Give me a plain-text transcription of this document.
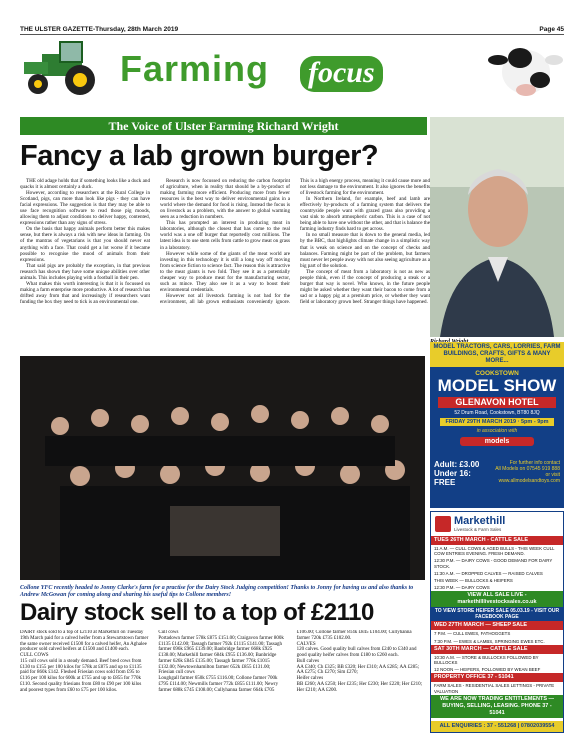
THE ULSTER GAZETTE-Thursday, 28th March 2019	Page 45
Farming focus
The Voice of Ulster Farming Richard Wright
Fancy a lab grown burger?

THE old adage holds that if something looks like a duck and quacks it is almost certainly a duck.

However, according to researchers at the Rural College in Scotland, pigs, can more than look like pigs - they can have facial expressions. The suggestion is that they may be able to use face recognition software to read those pig moods, allowing them to adjust conditions to deliver happy, contented, expressions rather than any signs of stress.

On the basis that happy animals perform better this makes sense, but there is always a risk with new ideas in farming. On of the mantras of vegetarians is that you should never eat anything with a face. That could get a lot worse if it became possible to recognise the mood of animals from their expressions.

That said pigs are probably the exception, in that previous research has shown they have some unique abilities over other animals. This includes playing with a football in their pen.

What makes this worth interesting is that it is focussed on making a farm enterprise more productive. A lot of research has drifted away from that and increasingly if researchers want funding the box they need to tick is an environmental one.

Research is now focussed on reducing the carbon footprint of agriculture, when in reality that should be a by-product of making farming more efficient. Producing more from fewer resources is the best way to deliver environmental gains in a world where the demand for food is rising. Instead the focus is on livestock as a problem, with the answer to global warming seen as a reduction in numbers.

This has prompted an interest in producing meat in laboratories, although the closest that has come to the real world was a one off burger that reportedly cost millions. The latest idea is to use stem cells from cattle to grow meat on grass in a laboratory.

However while some of the giants of the meat world are investing in this technology it is still a long way off moving from science fiction to science fact. The reason this is attractive to the meat giants is two fold. They see it as a potentially cheaper way to produce meat for the manufacturing sector, such as mince. They also see it as a way to boost their environmental credentials.

However not all livestock farming is not bad for the environment, all lab grown enthusiasts conveniently ignore. This is a high energy process, meaning it could cause more and not less damage to the environment. It also ignores the benefits of livestock farming for the environment.

In Northern Ireland, for example, beef and lamb are effectively by-products of a farming system that delivers the countryside people want with grazed grass also providing a vast sink to absorb atmospheric carbon. This is a case of not being able to have one without the other, and that is balance the farming industry finds hard to get across.

In no small measure that is down to the general media, led by the BBC, that highlights climate change in a simplistic way that is weak on science and on the concept of checks and balances. Farming might be part of the problem, but farmers must never let people away with not also seeing agriculture as a big part of the solution.

The concept of meat from a laboratory is not as new as people think, even if the concept of producing a steak or a burger that way is novel. Who knows, in the future people might be asked whether they want their bacon to come from a sad or a happy pig at a premium price, or whether they want field or laboratory grown beef. Stranger things have happened.

Collone YFC recently headed to Jonny Clarke's farm for a practise for the Dairy Stock Judging competition! Thanks to Jonny for having us and also thanks to Andrew McGowan for coming along and sharing his useful tips to Collone members!
Dairy stock sell to a top of £2110

DAIRY stock sold to a top of £2110 at Markethill on Tuesday 19th March paid for a calved heifer from a Stewartstown farmer the same owner received £1500 for a calved heifer, An Aghalee producer sold calved heifers at £1500 and £1400 each.

CULL COWS

115 cull cows sold in a steady demand. Beef bred cows from £130 to £155 per 100 kilos for 578k at £875 and up to £1135 paid for 860k £142. Fleshed Friesian cows sold from £95 to £116 per 100 kilos for 600k at £755 and up to £855 for 770k £110. Second quality friesians from £80 to £90 per 100 kilos and poorest types from £60 to £75 per 100 kilos.

Cull cows

Portadown farmer 578k £875 £151.00; Craigavon farmer 800k £1135 £142.00; Tassagh farmer 792k £1115 £141.00; Tassagh farmer 696k £965 £139.00; Banbridge farmer 668k £925 £138.00; Markethill farmer 684k £955 £136.00; Banbridge farmer 626k £845 £135.00; Tassagh farmer 776k £1015 £132.00; Newtownhamilton farmer 652k £855 £131.00;

Friesian cull cows

Loughgall farmer 650k £755 £116.00; Collone farmer 700k £795 £114.00; Newmills farmer 772k £855 £111.00; Newry farmer 688k £745 £108.00; Cullyhanna farmer 664k £705 £106.00; Collone farmer 814k £845 £104.00; Cullyhanna farmer 720k £735 £102.00.

CALVES

120 calves. Good quality bull calves from £240 to £340 and good quality heifer calves from £180 to £260 each.

Bull calves

AA £340; Ch £325; BB £320; Her £310; AA £285; AA £285; AA £275; Ch £270; Sim £270;

Heifer calves

BB £260; AA £250; Her £235; Her £230; Her £220; Her £210; Her £210; AA £200.

MODEL TRACTORS, CARS, LORRIES, FARM BUILDINGS, CRAFTS, GIFTS & MANY MORE...
COOKSTOWN
MODEL SHOW
GLENAVON HOTEL
52 Drum Road, Cookstown, BT80 8JQ
FRIDAY 29TH MARCH 2019 · 5pm - 9pm
in association with
models
Adult: £3.00
Under 16: FREE
For further info contact
All Models on 07545 919 888
or visit www.allmodelsandtoys.com
Markethill
Livestock & Farm Sales
TUES 26TH MARCH - CATTLE SALE
11 A.M. — CULL COWS & AGED BULLS - THIS WEEK CULL COW ENTRIES EVENING. FRESH DEMAND.
12:30 P.M. — DAIRY COWS - GOOD DEMAND FOR DAIRY STOCK.
11:30 A.M. — DROPPED CALVES — RAISED CALVES
THIS WEEK — BULLOCKS & HEIFERS
12:30 P.M. — DAIRY COWS
VIEW ALL SALE LIVE - markethilllivestocksales.co.uk
TO VIEW STORE HEIFER SALE 05.03.19 - VISIT OUR FACEBOOK PAGE
WED 27TH MARCH — SHEEP SALE
7 P.M. — CULL EWES, FATHOGGETS
7:30 P.M. — EWES & LAMBS, SPRINGING EWES ETC.
SAT 30TH MARCH — CATTLE SALE
10:30 A.M. — STORE & BULLOCKS FOLLOWED BY BULLOCKS
12 NOON — HEIFERS, FOLLOWED BY WEAN BEEF
PROPERTY OFFICE 37 - 51041
FARM SALES - RESIDENTIAL SALES LETTINGS - PRIVATE VALUATION
WE ARE NOW TRADING ENTITLEMENTS — BUYING, SELLING, LEASING. PHONE 37 - 51041
ALL ENQUIRIES : 37 - 551268 | 07802039554
